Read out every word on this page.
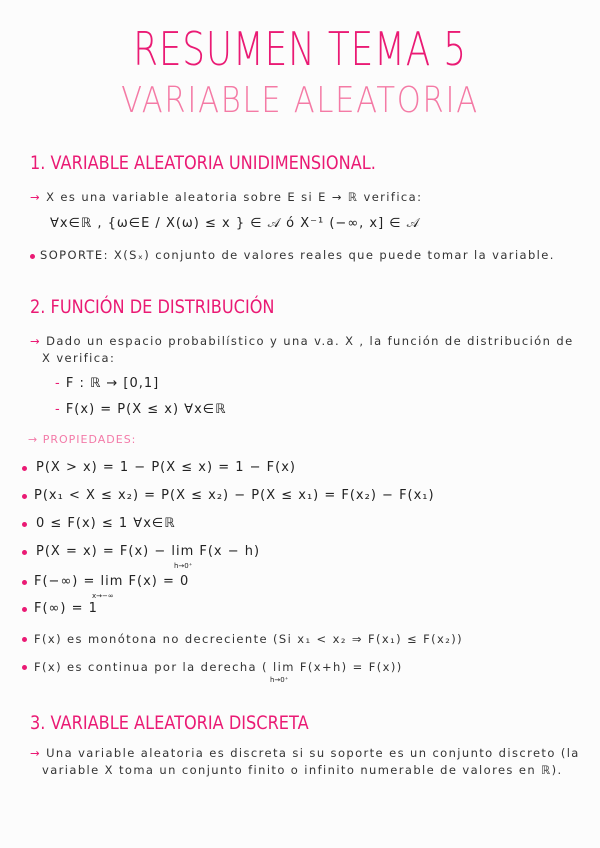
RESUMEN TEMA 5
VARIABLE ALEATORIA
1. VARIABLE ALEATORIA UNIDIMENSIONAL.
→ X es una variable aleatoria sobre E si E → ℝ verifica:
∀x∈ℝ , {ω∈E / X(ω) ≤ x } ∈ 𝒜 ó X⁻¹ (−∞, x] ∈ 𝒜
SOPORTE: X(Sₓ) conjunto de valores reales que puede tomar la variable.
2. FUNCIÓN DE DISTRIBUCIÓN
→ Dado un espacio probabilístico y una v.a. X , la función de distribución de
X verifica:
- F : ℝ → [0,1]
- F(x) = P(X ≤ x) ∀x∈ℝ
→ PROPIEDADES:
P(X > x) = 1 − P(X ≤ x) = 1 − F(x)
P(x₁ < X ≤ x₂) = P(X ≤ x₂) − P(X ≤ x₁) = F(x₂) − F(x₁)
0 ≤ F(x) ≤ 1 ∀x∈ℝ
P(X = x) = F(x) − lim F(x − h)
h→0⁺
F(−∞) = lim F(x) = 0
x→−∞
F(∞) = 1
F(x) es monótona no decreciente (Si x₁ < x₂ ⇒ F(x₁) ≤ F(x₂))
F(x) es continua por la derecha ( lim F(x+h) = F(x))
h→0⁺
3. VARIABLE ALEATORIA DISCRETA
→ Una variable aleatoria es discreta si su soporte es un conjunto discreto (la
variable X toma un conjunto finito o infinito numerable de valores en ℝ).
